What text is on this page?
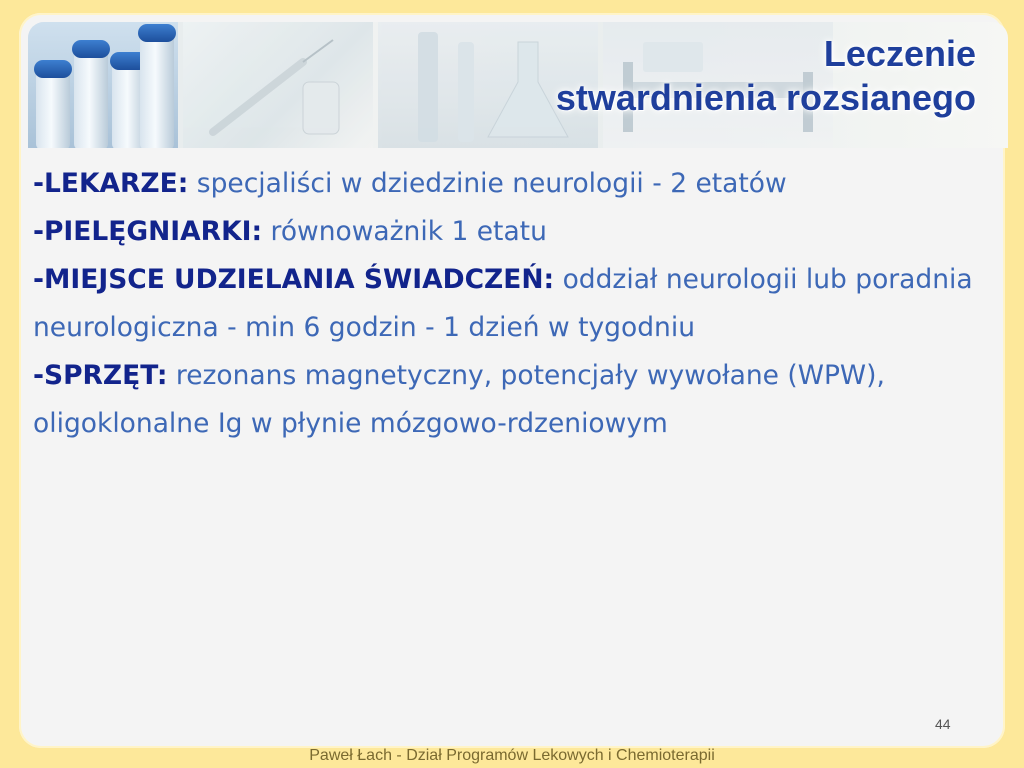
Leczenie
stwardnienia rozsianego

-LEKARZE: specjaliści w dziedzinie neurologii - 2 etatów

-PIELĘGNIARKI: równoważnik 1 etatu

-MIEJSCE UDZIELANIA ŚWIADCZEŃ: oddział neurologii lub poradnia neurologiczna - min 6 godzin - 1 dzień w tygodniu

-SPRZĘT: rezonans magnetyczny, potencjały wywołane (WPW), oligoklonalne Ig w płynie mózgowo-rdzeniowym

44
Paweł Łach - Dział Programów Lekowych i Chemioterapii
